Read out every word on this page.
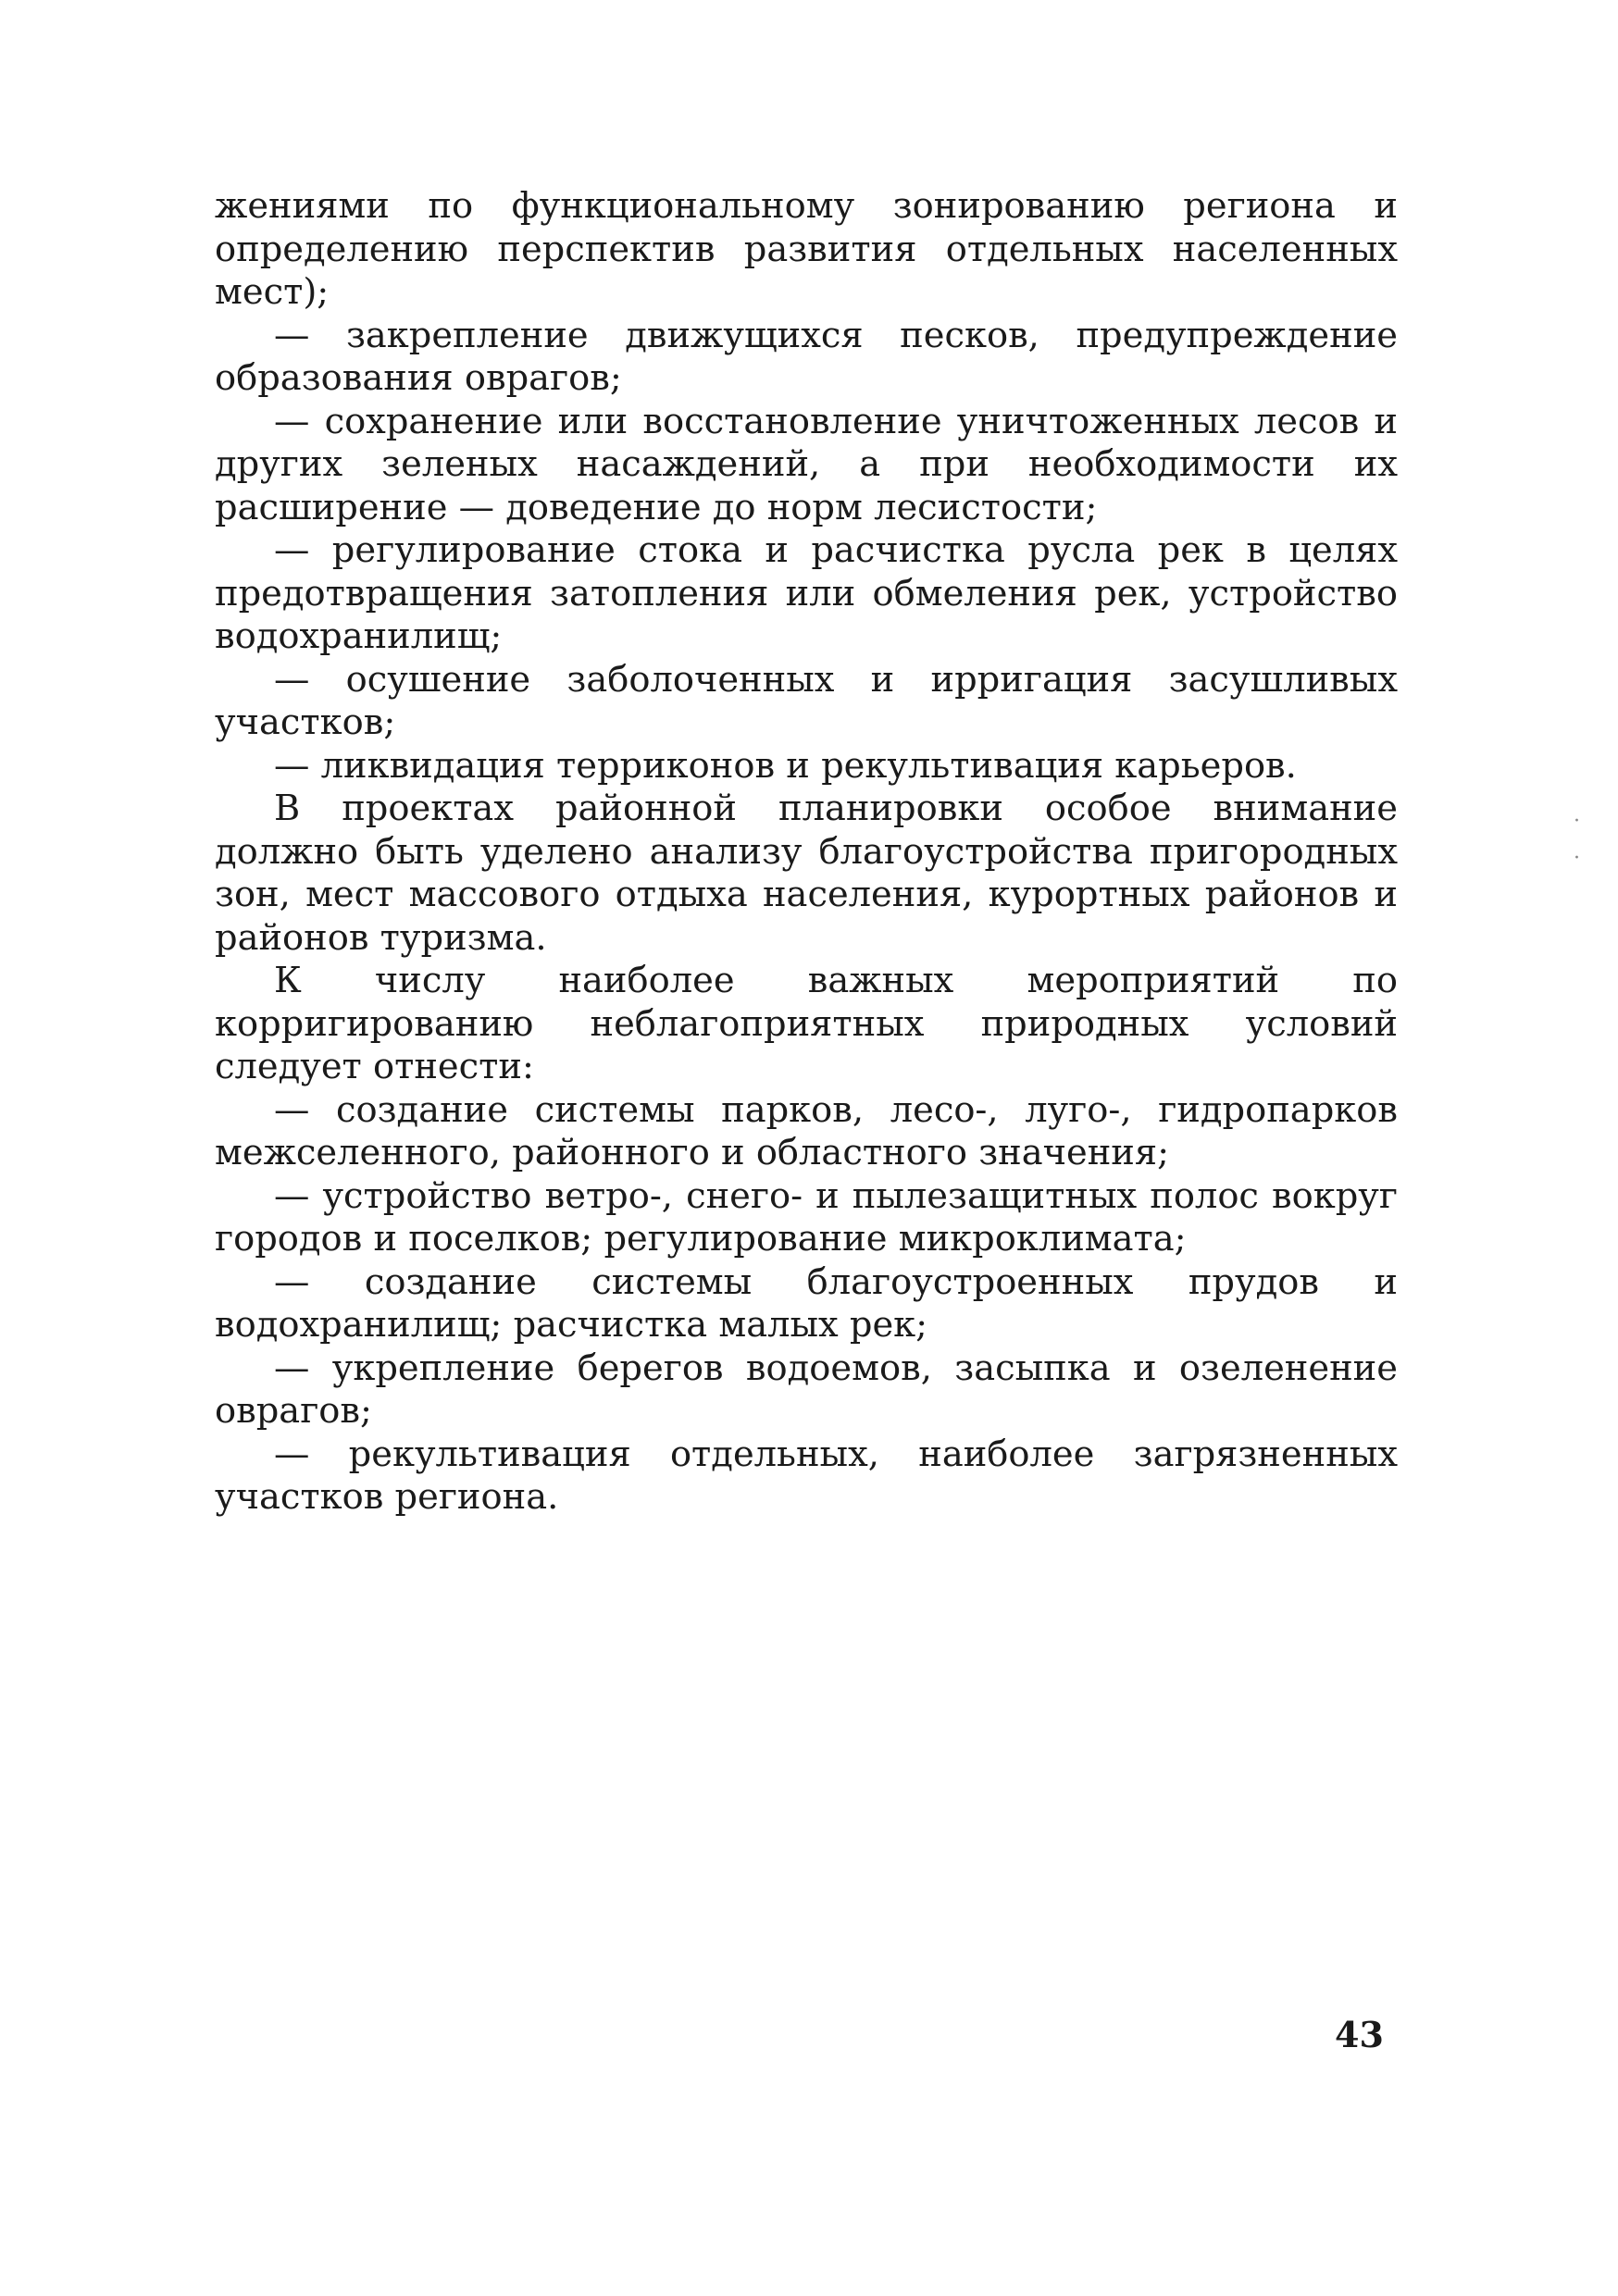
жениями по функциональному зонированию региона и определению перспектив развития отдельных населенных мест);

— закрепление движущихся песков, предупреждение образования оврагов;

— сохранение или восстановление уничтоженных лесов и других зеленых насаждений, а при необходимости их расширение — доведение до норм лесистости;

— регулирование стока и расчистка русла рек в целях предотвращения затопления или обмеления рек, устройство водохранилищ;

— осушение заболоченных и ирригация засушливых участков;

— ликвидация терриконов и рекультивация карьеров.

В проектах районной планировки особое внимание должно быть уделено анализу благоустройства пригородных зон, мест массового отдыха населения, курортных районов и районов туризма.

К числу наиболее важных мероприятий по корригированию неблагоприятных природных условий следует отнести:

— создание системы парков, лесо-, луго-, гидропарков межселенного, районного и областного значения;

— устройство ветро-, снего- и пылезащитных полос вокруг городов и поселков; регулирование микроклимата;

— создание системы благоустроенных прудов и водохранилищ; расчистка малых рек;

— укрепление берегов водоемов, засыпка и озеленение оврагов;

— рекультивация отдельных, наиболее загрязненных участков региона.

43
·
·
